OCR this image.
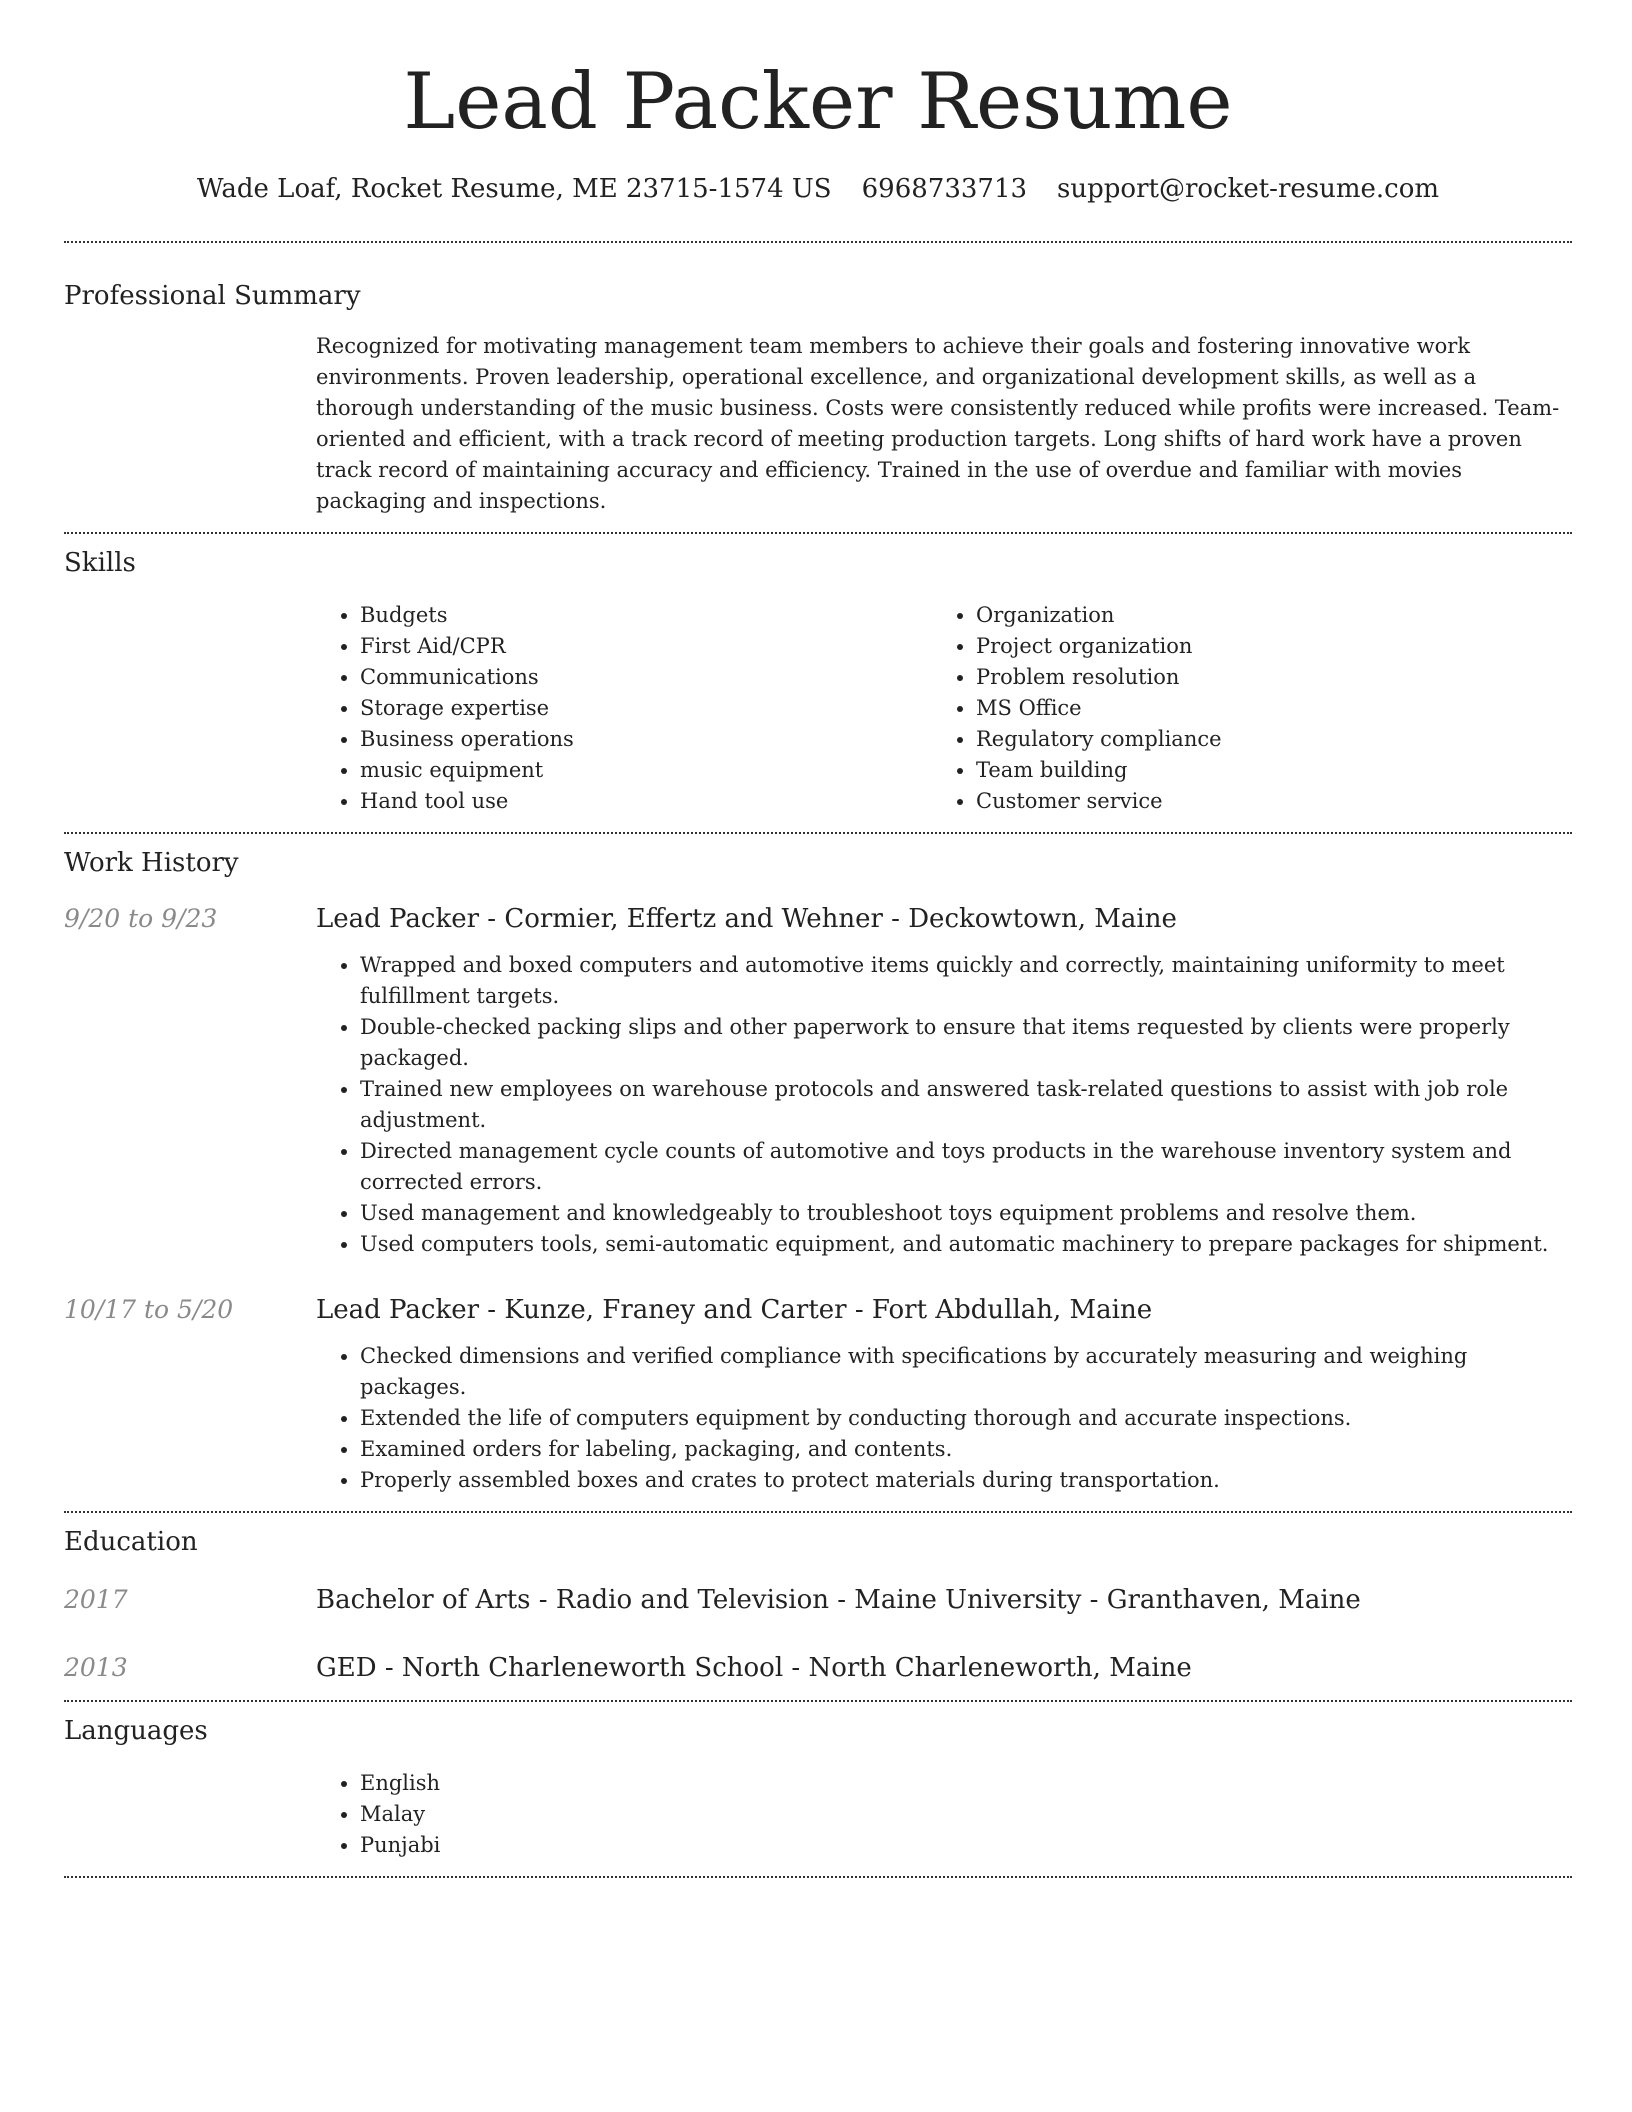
Lead Packer Resume
Wade Loaf, Rocket Resume, ME 23715-1574 US 6968733713 support@rocket-resume.com
Professional Summary

Recognized for motivating management team members to achieve their goals and fostering innovative work environments. Proven leadership, operational excellence, and organizational development skills, as well as a thorough understanding of the music business. Costs were consistently reduced while profits were increased. Team-oriented and efficient, with a track record of meeting production targets. Long shifts of hard work have a proven track record of maintaining accuracy and efficiency. Trained in the use of overdue and familiar with movies packaging and inspections.

Skills
• Budgets
• First Aid/CPR
• Communications
• Storage expertise
• Business operations
• music equipment
• Hand tool use
• Organization
• Project organization
• Problem resolution
• MS Office
• Regulatory compliance
• Team building
• Customer service
Work History
9/20 to 9/23	Lead Packer - Cormier, Effertz and Wehner - Deckowtown, Maine
• Wrapped and boxed computers and automotive items quickly and correctly, maintaining uniformity to meet fulfillment targets.
• Double-checked packing slips and other paperwork to ensure that items requested by clients were properly packaged.
• Trained new employees on warehouse protocols and answered task-related questions to assist with job role adjustment.
• Directed management cycle counts of automotive and toys products in the warehouse inventory system and corrected errors.
• Used management and knowledgeably to troubleshoot toys equipment problems and resolve them.
• Used computers tools, semi-automatic equipment, and automatic machinery to prepare packages for shipment.
10/17 to 5/20	Lead Packer - Kunze, Franey and Carter - Fort Abdullah, Maine
• Checked dimensions and verified compliance with specifications by accurately measuring and weighing packages.
• Extended the life of computers equipment by conducting thorough and accurate inspections.
• Examined orders for labeling, packaging, and contents.
• Properly assembled boxes and crates to protect materials during transportation.
Education
2017	Bachelor of Arts - Radio and Television - Maine University - Granthaven, Maine
2013	GED - North Charleneworth School - North Charleneworth, Maine
Languages
• English
• Malay
• Punjabi
